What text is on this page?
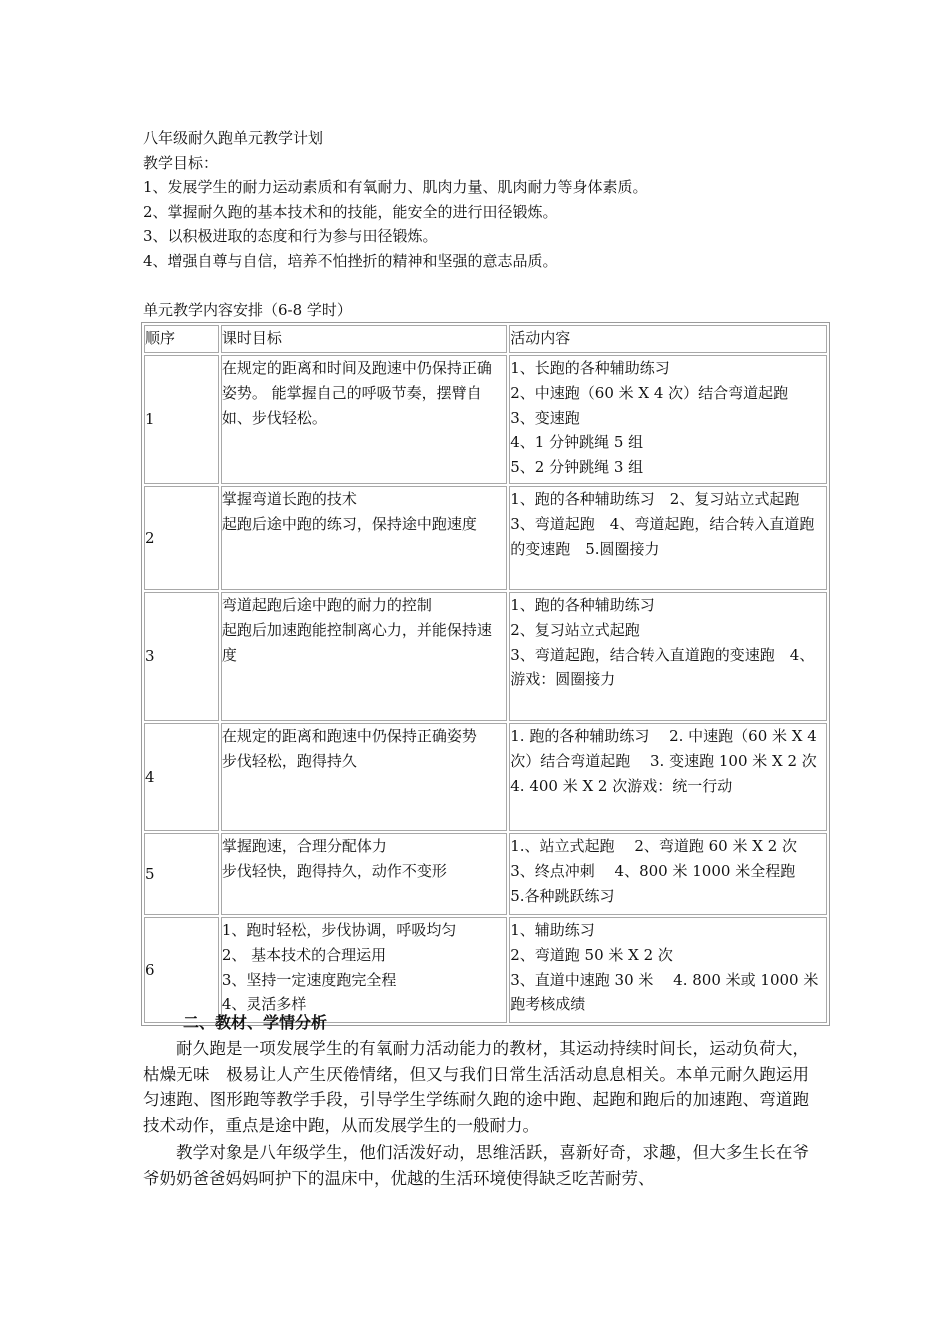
八年级耐久跑单元教学计划

教学目标：

1、发展学生的耐力运动素质和有氧耐力、肌肉力量、肌肉耐力等身体素质。

2、掌握耐久跑的基本技术和的技能，能安全的进行田径锻炼。

3、以积极进取的态度和行为参与田径锻炼。

4、增强自尊与自信，培养不怕挫折的精神和坚强的意志品质。

单元教学内容安排（6-8 学时）

顺序	课时目标	活动内容
1	在规定的距离和时间及跑速中仍保持正确姿势。 能掌握自己的呼吸节奏，摆臂自如、步伐轻松。	1、长跑的各种辅助练习
2、中速跑（60 米 X 4 次）结合弯道起跑
3、变速跑
4、1 分钟跳绳 5 组
5、2 分钟跳绳 3 组

2	掌握弯道长跑的技术
起跑后途中跑的练习，保持途中跑速度	1、跑的各种辅助练习　2、复习站立式起跑 3、弯道起跑　4、弯道起跑，结合转入直道跑的变速跑　5.圆圈接力

3	弯道起跑后途中跑的耐力的控制
起跑后加速跑能控制离心力，并能保持速度	1、跑的各种辅助练习
2、复习站立式起跑
3、弯道起跑，结合转入直道跑的变速跑　4、游戏：圆圈接力

4	在规定的距离和跑速中仍保持正确姿势
步伐轻松，跑得持久	1. 跑的各种辅助练习　 2. 中速跑（60 米 X 4 次）结合弯道起跑　 3. 变速跑 100 米 X 2 次　 4. 400 米 X 2 次游戏：统一行动

5	掌握跑速，合理分配体力
步伐轻快，跑得持久，动作不变形	1.、站立式起跑　 2、弯道跑 60 米 X 2 次 3、终点冲刺　 4、800 米 1000 米全程跑　 5.各种跳跃练习

6	1、跑时轻松，步伐协调，呼吸均匀
2、 基本技术的合理运用
3、坚持一定速度跑完全程
4、灵活多样	1、辅助练习
2、弯道跑 50 米 X 2 次
3、直道中速跑 30 米　 4. 800 米或 1000 米跑考核成绩

二、教材、学情分析

耐久跑是一项发展学生的有氧耐力活动能力的教材，其运动持续时间长，运动负荷大，枯燥无味　极易让人产生厌倦情绪，但又与我们日常生活活动息息相关。本单元耐久跑运用匀速跑、图形跑等教学手段，引导学生学练耐久跑的途中跑、起跑和跑后的加速跑、弯道跑技术动作，重点是途中跑，从而发展学生的一般耐力。

教学对象是八年级学生，他们活泼好动，思维活跃，喜新好奇，求趣，但大多生长在爷爷奶奶爸爸妈妈呵护下的温床中，优越的生活环境使得缺乏吃苦耐劳、
